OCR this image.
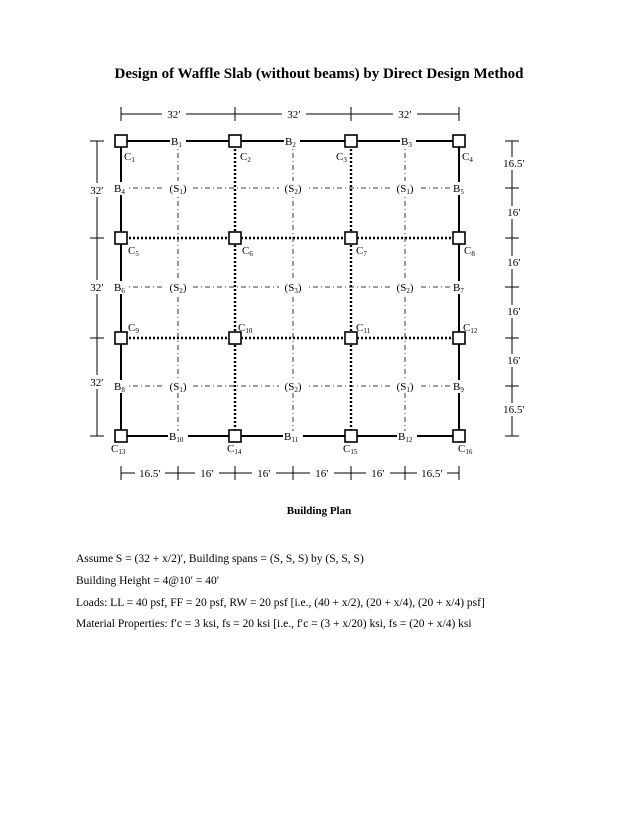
Design of Waffle Slab (without beams) by Direct Design Method
32′	32′	32′
32′
32′
32′
16.5′
16′
16′
16′
16′
16.5′
16.5′	16′	16′	16′	16′	16.5′
C1	C2	C3	C4
C5	C6	C7	C8
C9	C10	C11	C12
C13	C14	C15	C16
B1	B2	B3
B4	B5
B6	B7
B8	B9
B10	B11	B12
(S1)	(S2)	(S1)
(S2)	(S3)	(S2)
(S1)	(S2)	(S1)
Building Plan
Assume S = (32 + x/2)′, Building spans = (S, S, S) by (S, S, S)
Building Height = 4@10′ = 40′
Loads: LL = 40 psf, FF = 20 psf, RW = 20 psf [i.e., (40 + x/2), (20 + x/4), (20 + x/4) psf]
Material Properties: f′c = 3 ksi, fs = 20 ksi [i.e., f′c = (3 + x/20) ksi, fs = (20 + x/4) ksi
